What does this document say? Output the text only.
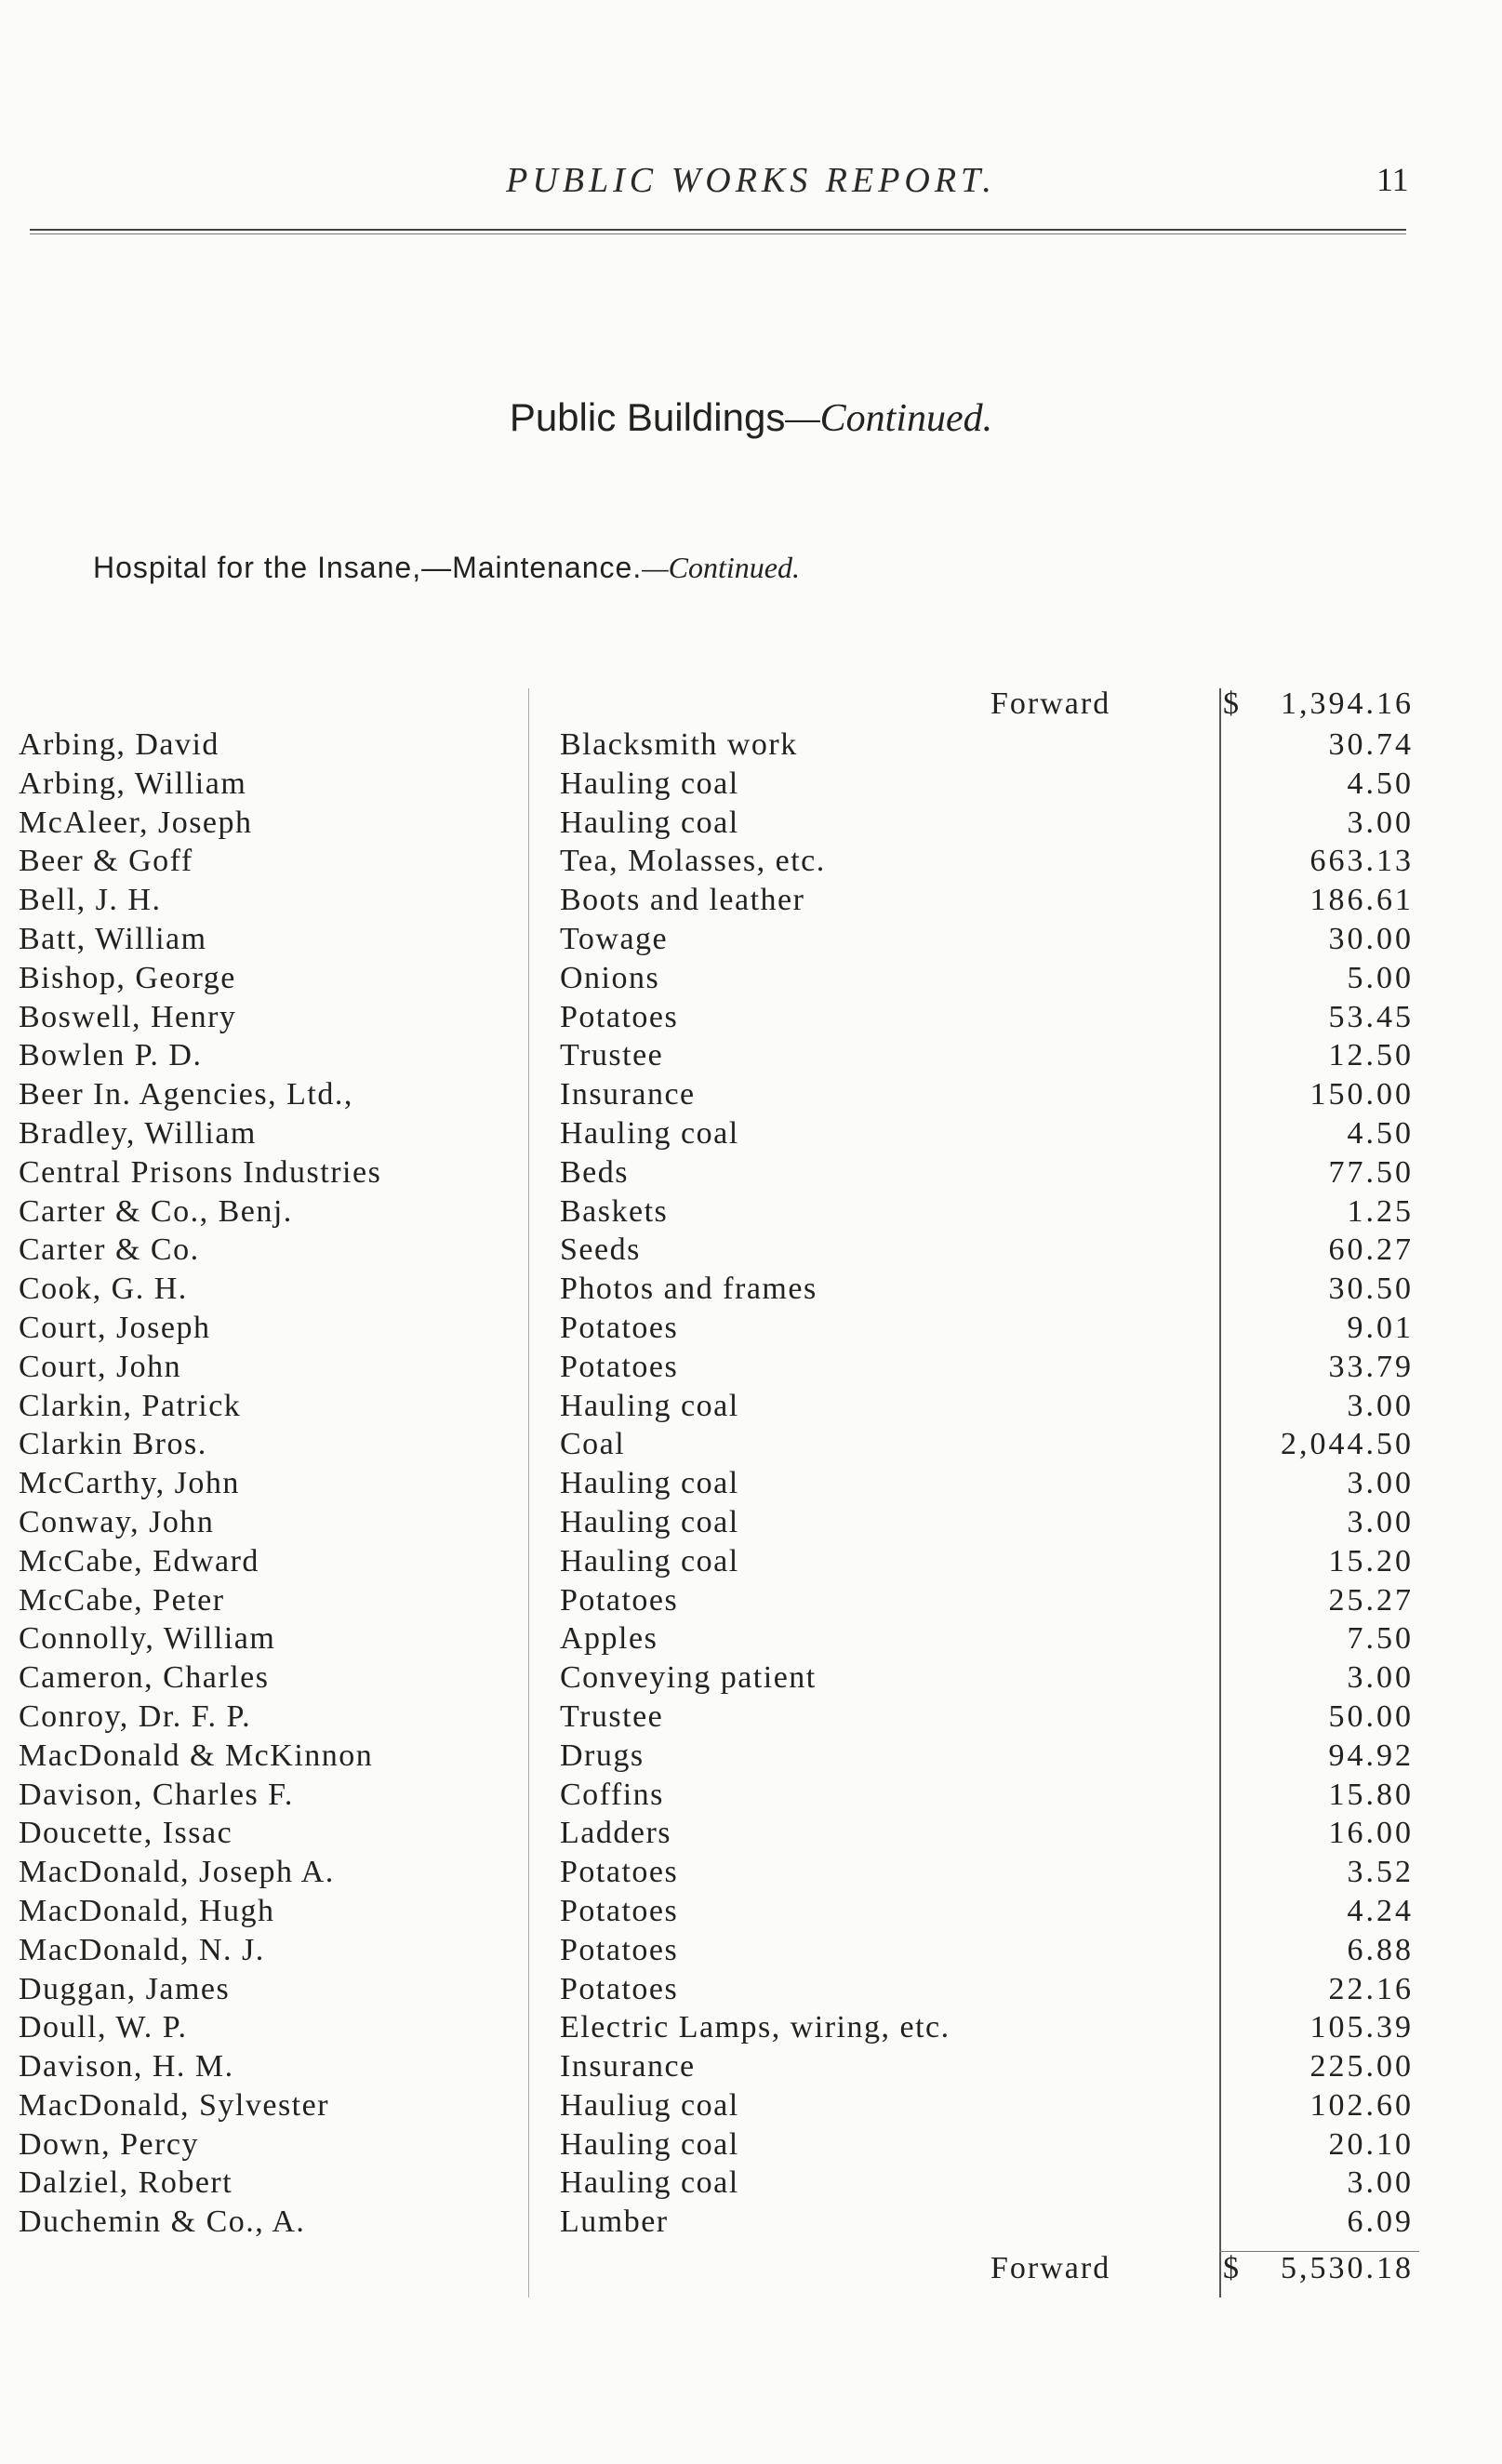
PUBLIC WORKS REPORT.	11
Public Buildings—Continued.
Hospital for the Insane,—Maintenance.—Continued.
Forward	$ 1,394.16
Arbing, David	Blacksmith work	30.74
Arbing, William	Hauling coal	4.50
McAleer, Joseph	Hauling coal	3.00
Beer & Goff	Tea, Molasses, etc.	663.13
Bell, J. H.	Boots and leather	186.61
Batt, William	Towage	30.00
Bishop, George	Onions	5.00
Boswell, Henry	Potatoes	53.45
Bowlen P. D.	Trustee	12.50
Beer In. Agencies, Ltd.,	Insurance	150.00
Bradley, William	Hauling coal	4.50
Central Prisons Industries	Beds	77.50
Carter & Co., Benj.	Baskets	1.25
Carter & Co.	Seeds	60.27
Cook, G. H.	Photos and frames	30.50
Court, Joseph	Potatoes	9.01
Court, John	Potatoes	33.79
Clarkin, Patrick	Hauling coal	3.00
Clarkin Bros.	Coal	2,044.50
McCarthy, John	Hauling coal	3.00
Conway, John	Hauling coal	3.00
McCabe, Edward	Hauling coal	15.20
McCabe, Peter	Potatoes	25.27
Connolly, William	Apples	7.50
Cameron, Charles	Conveying patient	3.00
Conroy, Dr. F. P.	Trustee	50.00
MacDonald & McKinnon	Drugs	94.92
Davison, Charles F.	Coffins	15.80
Doucette, Issac	Ladders	16.00
MacDonald, Joseph A.	Potatoes	3.52
MacDonald, Hugh	Potatoes	4.24
MacDonald, N. J.	Potatoes	6.88
Duggan, James	Potatoes	22.16
Doull, W. P.	Electric Lamps, wiring, etc.	105.39
Davison, H. M.	Insurance	225.00
MacDonald, Sylvester	Hauliug coal	102.60
Down, Percy	Hauling coal	20.10
Dalziel, Robert	Hauling coal	3.00
Duchemin & Co., A.	Lumber	6.09
Forward	$ 5,530.18
